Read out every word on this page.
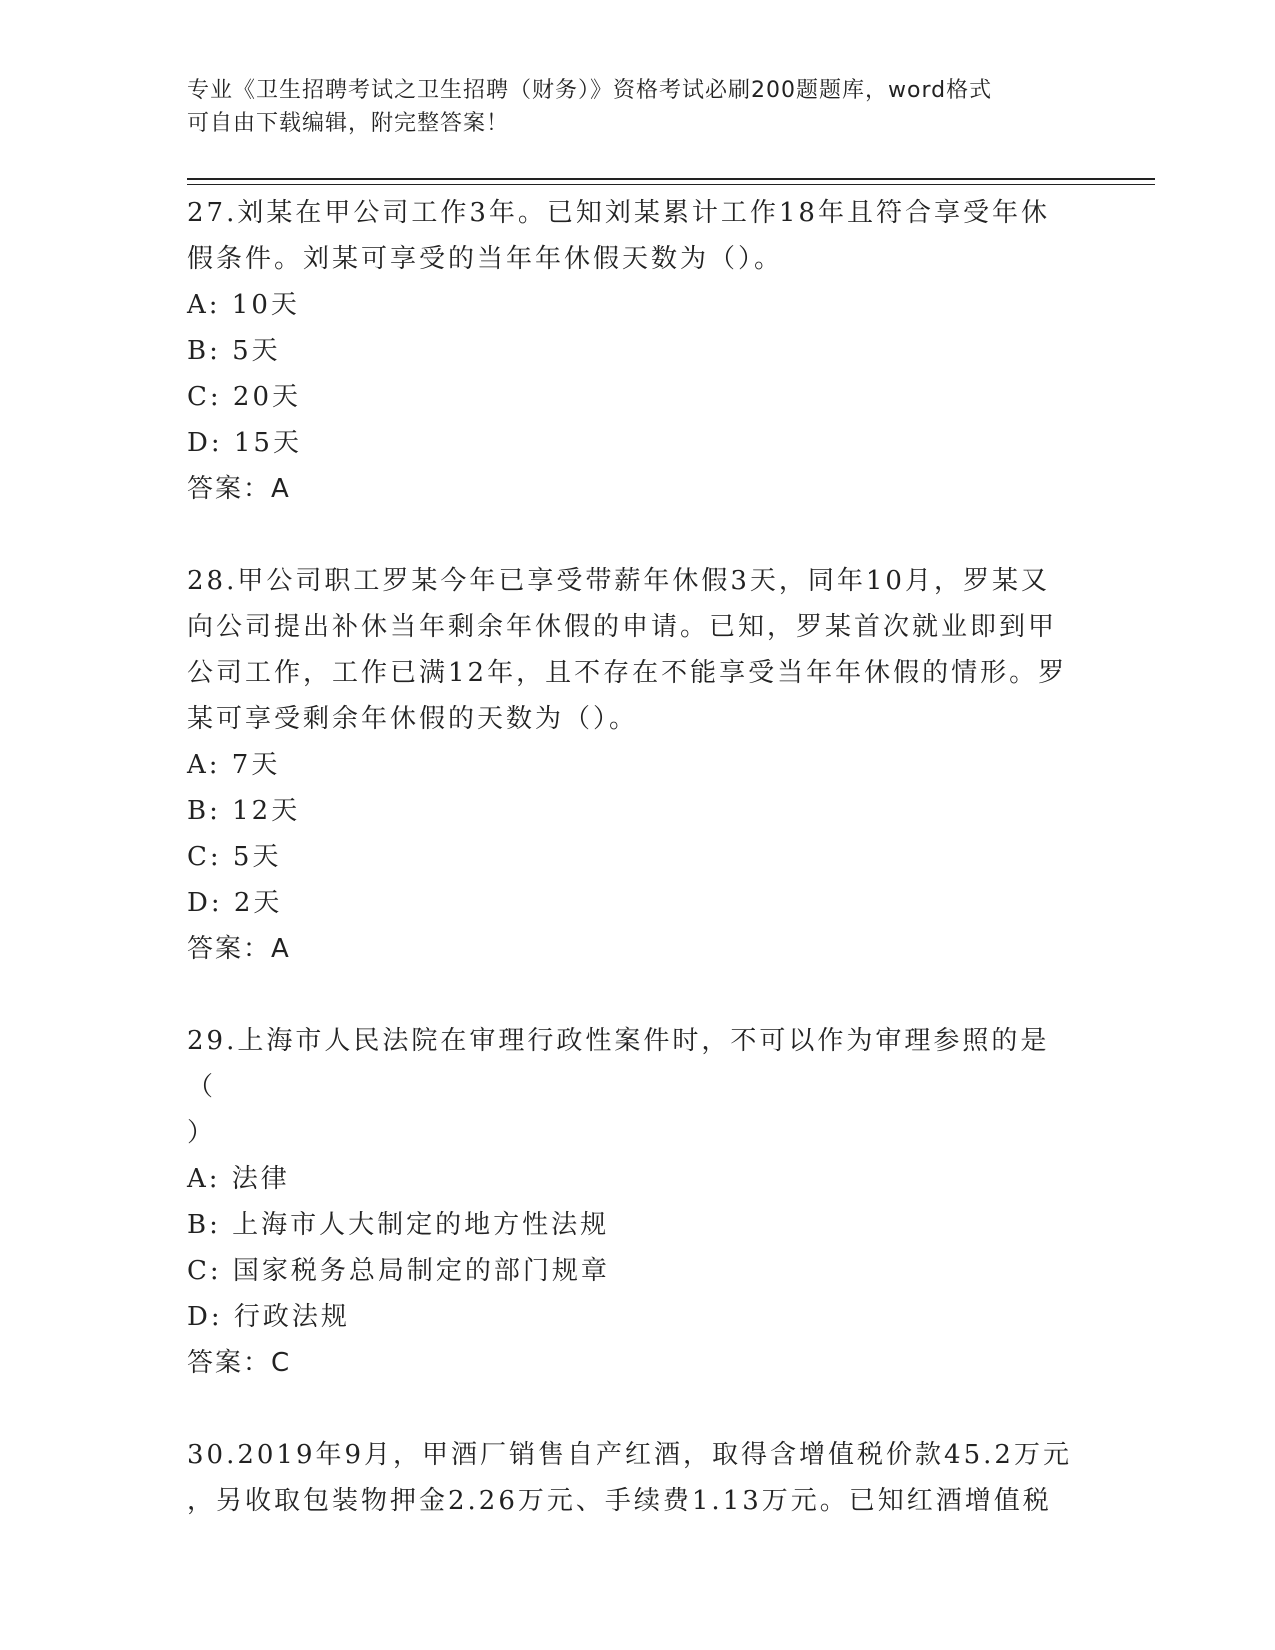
专业《卫生招聘考试之卫生招聘（财务）》资格考试必刷200题题库，word格式
可自由下载编辑，附完整答案！
27.刘某在甲公司工作3年。已知刘某累计工作18年且符合享受年休
假条件。刘某可享受的当年年休假天数为（）。
A: 10天
B: 5天
C: 20天
D: 15天
答案：A
28.甲公司职工罗某今年已享受带薪年休假3天，同年10月，罗某又
向公司提出补休当年剩余年休假的申请。已知，罗某首次就业即到甲
公司工作，工作已满12年，且不存在不能享受当年年休假的情形。罗
某可享受剩余年休假的天数为（）。
A: 7天
B: 12天
C: 5天
D: 2天
答案：A
29.上海市人民法院在审理行政性案件时，不可以作为审理参照的是（
）
A: 法律
B: 上海市人大制定的地方性法规
C: 国家税务总局制定的部门规章
D: 行政法规
答案：C
30.2019年9月，甲酒厂销售自产红酒，取得含增值税价款45.2万元
，另收取包装物押金2.26万元、手续费1.13万元。已知红酒增值税
